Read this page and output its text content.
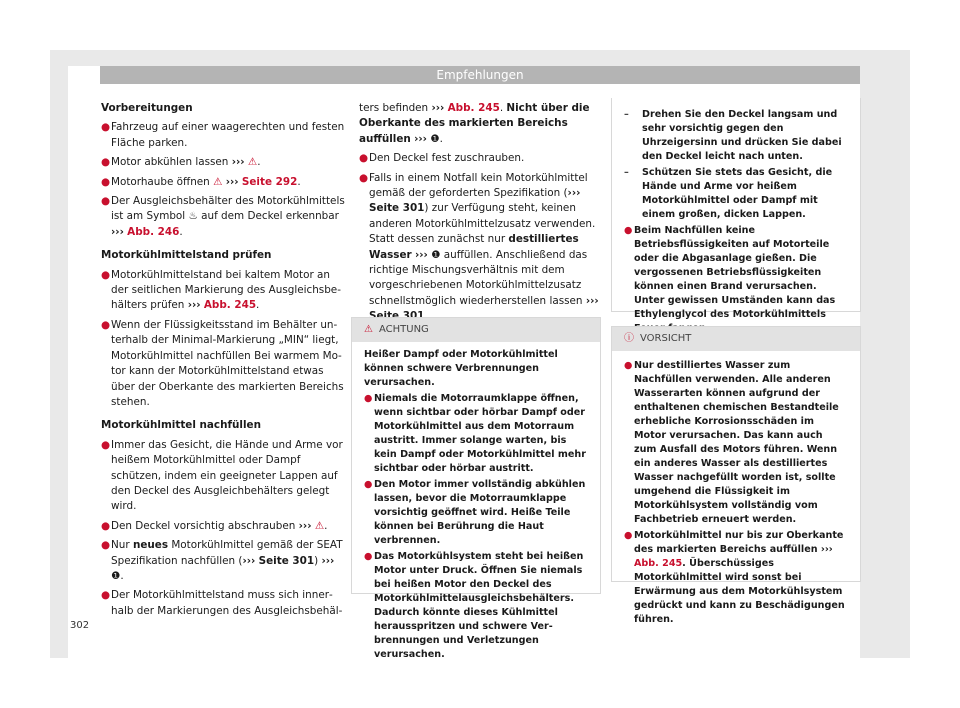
Empfehlungen
Vorbereitungen
●Fahrzeug auf einer waagerechten und festen Fläche parken.
●Motor abkühlen lassen ››› ⚠.
●Motorhaube öffnen ⚠ ››› Seite 292.
●Der Ausgleichsbehälter des Motorkühlmittels ist am Symbol ♨ auf dem Deckel erkennbar ››› Abb. 246.
Motorkühlmittelstand prüfen
●Motorkühlmittelstand bei kaltem Motor an der seitlichen Markierung des Ausgleichsbehälters prüfen ››› Abb. 245.
●Wenn der Flüssigkeitsstand im Behälter unterhalb der Minimal-Markierung „MIN“ liegt, Motorkühlmittel nachfüllen Bei warmem Motor kann der Motorkühlmittelstand etwas über der Oberkante des markierten Bereichs stehen.
Motorkühlmittel nachfüllen
●Immer das Gesicht, die Hände und Arme vor heißem Motorkühlmittel oder Dampf schützen, indem ein geeigneter Lappen auf den Deckel des Ausgleichbehälters gelegt wird.
●Den Deckel vorsichtig abschrauben ››› ⚠.
●Nur neues Motorkühlmittel gemäß der SEAT Spezifikation nachfüllen (››› Seite 301) ››› ❶.
●Der Motorkühlmittelstand muss sich innerhalb der Markierungen des Ausgleichsbehäl-
ters befinden ››› Abb. 245. Nicht über die Oberkante des markierten Bereichs auffüllen ››› ❶.
●Den Deckel fest zuschrauben.
●Falls in einem Notfall kein Motorkühlmittel gemäß der geforderten Spezifikation (››› Seite 301) zur Verfügung steht, keinen anderen Motorkühlmittelzusatz verwenden. Statt dessen zunächst nur destilliertes Wasser ››› ❶ auffüllen. Anschließend das richtige Mischungsverhältnis mit dem vorgeschriebenen Motorkühlmittelzusatz schnellstmöglich wiederherstellen lassen ›››
⚠ ACHTUNG
Heißer Dampf oder Motorkühlmittel können schwere Verbrennungen verursachen.
● Niemals die Motorraumklappe öffnen, wenn sichtbar oder hörbar Dampf oder Motorkühlmittel aus dem Motorraum austritt. Immer solange warten, bis kein Dampf oder Motorkühlmittel mehr sichtbar oder hörbar austritt.
● Den Motor immer vollständig abkühlen lassen, bevor die Motorraumklappe vorsichtig geöffnet wird. Heiße Teile können bei Berührung die Haut verbrennen.
● Das Motorkühlsystem steht bei heißen Motor unter Druck. Öffnen Sie niemals bei heißen Motor den Deckel des Motorkühlmittelausgleichsbehälters. Dadurch könnte dieses Kühlmittel herausspritzen und schwere Verbrennungen und Verletzungen verursachen.
– Drehen Sie den Deckel langsam und sehr vorsichtig gegen den Uhrzeigersinn und drücken Sie dabei den Deckel leicht nach unten.
– Schützen Sie stets das Gesicht, die Hände und Arme vor heißem Motorkühlmittel oder Dampf mit einem großen, dicken Lappen.
● Beim Nachfüllen keine Betriebsflüssigkeiten auf Motorteile oder die Abgasanlage gießen. Die vergossenen Betriebsflüssigkeiten können einen Brand verursachen. Unter gewissen Umständen kann das Ethylenglycol des Motorkühlmittels
ⓘ VORSICHT
● Nur destilliertes Wasser zum Nachfüllen verwenden. Alle anderen Wasserarten können aufgrund der enthaltenen chemischen Bestandteile erhebliche Korrosionsschäden im Motor verursachen. Das kann auch zum Ausfall des Motors führen. Wenn ein anderes Wasser als destilliertes Wasser nachgefüllt worden ist, sollte umgehend die Flüssigkeit im Motorkühlsystem vollständig vom Fachbetrieb erneuert werden.
● Motorkühlmittel nur bis zur Oberkante des markierten Bereichs auffüllen ››› Abb. 245. Überschüssiges Motorkühlmittel wird sonst bei Erwärmung aus dem Motorkühlsystem gedrückt und kann zu Beschädigungen führen.
302
